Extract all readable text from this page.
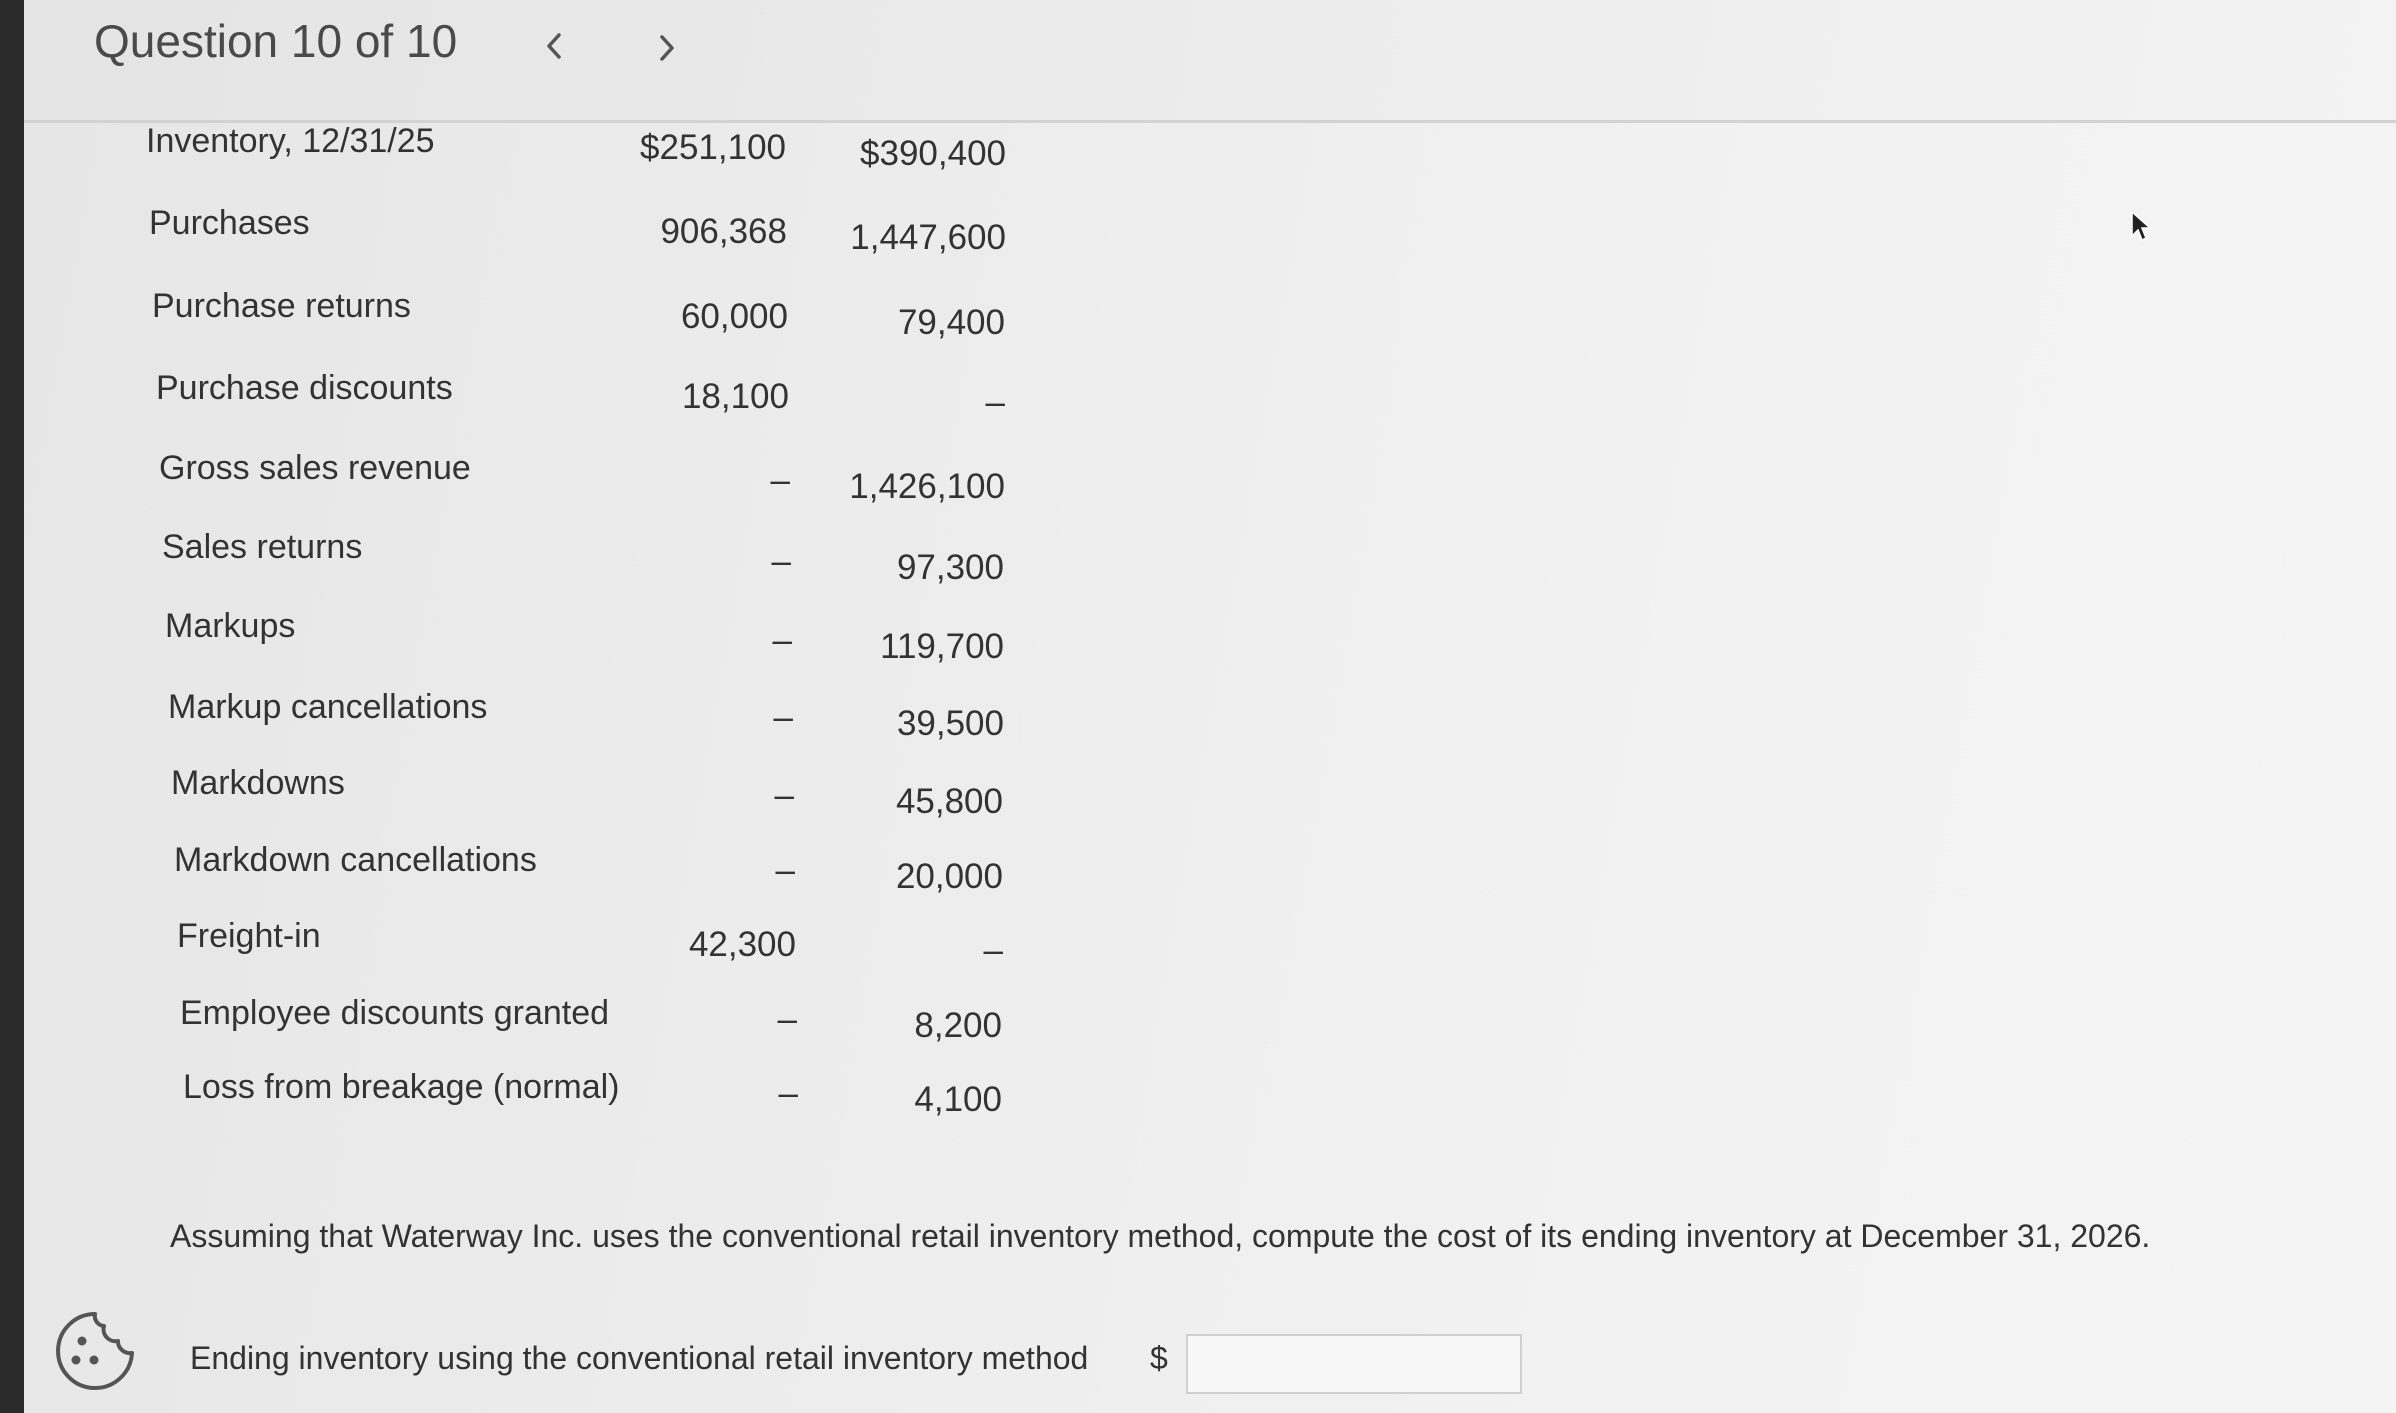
Question 10 of 10
Inventory, 12/31/25	$251,100	$390,400
Purchases	906,368	1,447,600
Purchase returns	60,000	79,400
Purchase discounts	18,100	–
Gross sales revenue	–	1,426,100
Sales returns	–	97,300
Markups	–	119,700
Markup cancellations	–	39,500
Markdowns	–	45,800
Markdown cancellations	–	20,000
Freight-in	42,300	–
Employee discounts granted	–	8,200
Loss from breakage (normal)	–	4,100
Assuming that Waterway Inc. uses the conventional retail inventory method, compute the cost of its ending inventory at December 31, 2026.
Ending inventory using the conventional retail inventory method $
